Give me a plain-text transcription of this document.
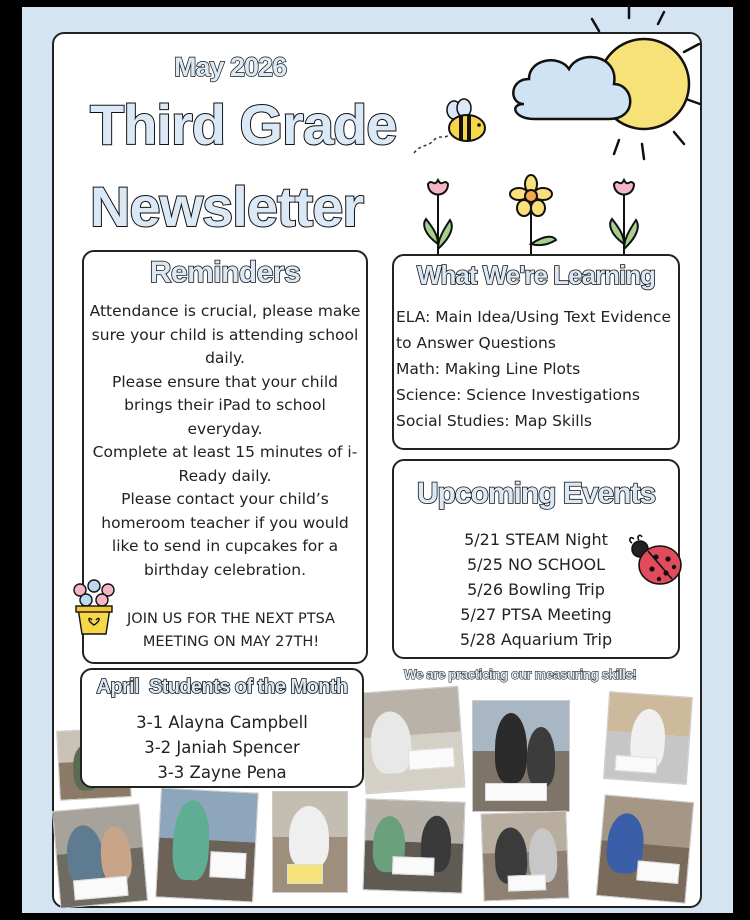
May 2026
Third Grade
Newsletter
Reminders
Attendance is crucial, please make sure your child is attending school daily.
Please ensure that your child brings their iPad to school everyday.
Complete at least 15 minutes of i-Ready daily.
Please contact your child’s homeroom teacher if you would like to send in cupcakes for a birthday celebration.
JOIN US FOR THE NEXT PTSA MEETING ON MAY 27TH!
What We're Learning
ELA: Main Idea/Using Text Evidence to Answer Questions
Math: Making Line Plots
Science: Science Investigations
Social Studies: Map Skills
Upcoming Events
5/21 STEAM Night
5/25 NO SCHOOL
5/26 Bowling Trip
5/27 PTSA Meeting
5/28 Aquarium Trip
We are practicing our measuring skills!
April  Students of the Month
3-1 Alayna Campbell
3-2 Janiah Spencer
3-3 Zayne Pena
